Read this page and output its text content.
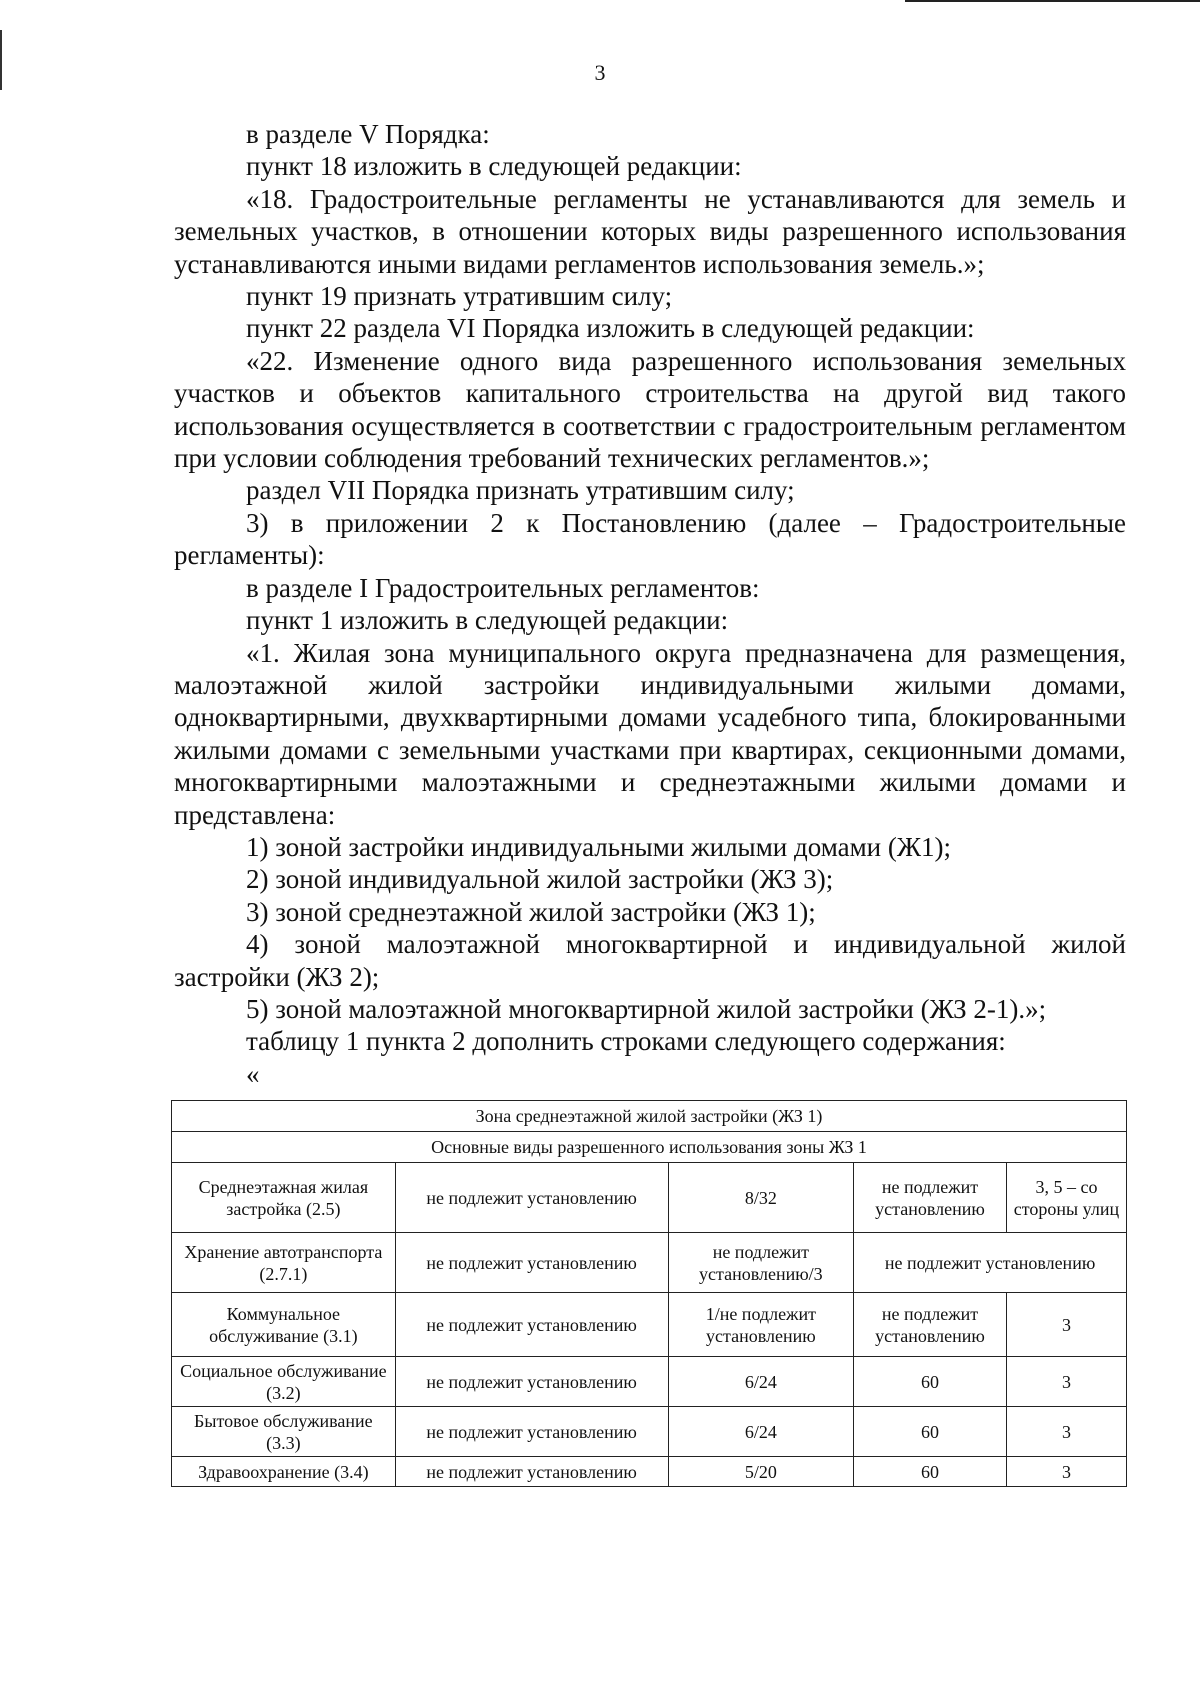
3

в разделе V Порядка:

пункт 18 изложить в следующей редакции:

«18. Градостроительные регламенты не устанавливаются для земель и земельных участков, в отношении которых виды разрешенного использования устанавливаются иными видами регламентов использования земель.»;

пункт 19 признать утратившим силу;

пункт 22 раздела VI Порядка изложить в следующей редакции:

«22. Изменение одного вида разрешенного использования земельных участков и объектов капитального строительства на другой вид такого использования осуществляется в соответствии с градостроительным регламентом при условии соблюдения требований технических регламентов.»;

раздел VII Порядка признать утратившим силу;

3) в приложении 2 к Постановлению (далее – Градостроительные регламенты):

в разделе I Градостроительных регламентов:

пункт 1 изложить в следующей редакции:

«1. Жилая зона муниципального округа предназначена для размещения, малоэтажной жилой застройки индивидуальными жилыми домами, одноквартирными, двухквартирными домами усадебного типа, блокированными жилыми домами с земельными участками при квартирах, секционными домами, многоквартирными малоэтажными и среднеэтажными жилыми домами и представлена:

1) зоной застройки индивидуальными жилыми домами (Ж1);

2) зоной индивидуальной жилой застройки (ЖЗ 3);

3) зоной среднеэтажной жилой застройки (ЖЗ 1);

4) зоной малоэтажной многоквартирной и индивидуальной жилой застройки (ЖЗ 2);

5) зоной малоэтажной многоквартирной жилой застройки (ЖЗ 2-1).»;

таблицу 1 пункта 2 дополнить строками следующего содержания:

«
Зона среднеэтажной жилой застройки (ЖЗ 1)				
Основные виды разрешенного использования зоны ЖЗ 1				
Среднеэтажная жилая застройка (2.5)	не подлежит установлению	8/32	не подлежит установлению	3, 5 – со стороны улиц
Хранение автотранспорта (2.7.1)	не подлежит установлению	не подлежит установлению/3	не подлежит установлению	
Коммунальное обслуживание (3.1)	не подлежит установлению	1/не подлежит установлению	не подлежит установлению	3
Социальное обслуживание (3.2)	не подлежит установлению	6/24	60	3
Бытовое обслуживание (3.3)	не подлежит установлению	6/24	60	3
Здравоохранение (3.4)	не подлежит установлению	5/20	60	3
